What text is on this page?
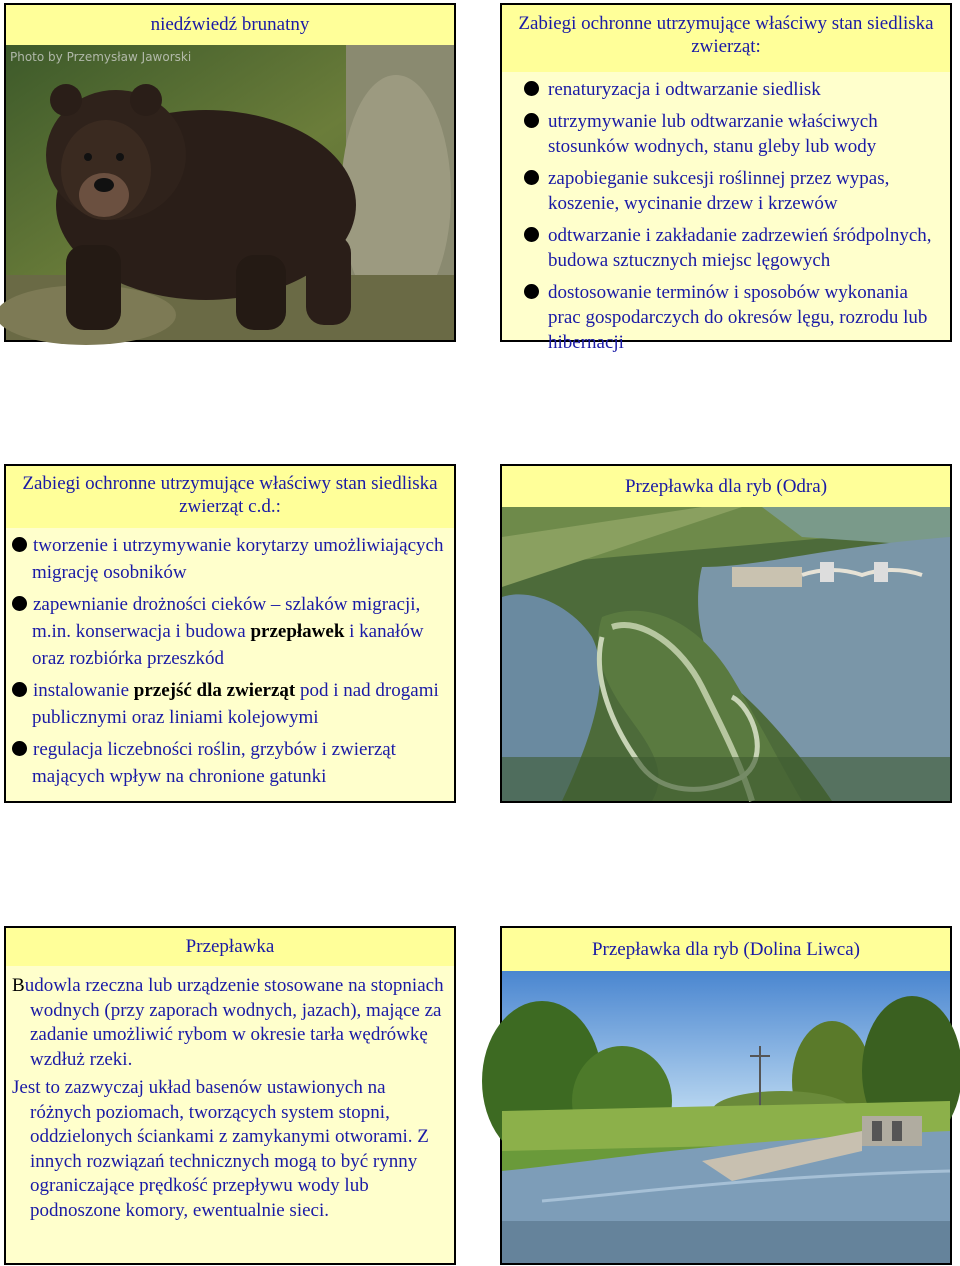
niedźwiedź brunatny
Photo by Przemysław Jaworski
Zabiegi ochronne utrzymujące właściwy stan siedliska zwierząt:
renaturyzacja i odtwarzanie siedlisk
utrzymywanie lub odtwarzanie właściwych stosunków wodnych, stanu gleby lub wody
zapobieganie sukcesji roślinnej przez wypas, koszenie, wycinanie drzew i krzewów
odtwarzanie i zakładanie zadrzewień śródpolnych, budowa sztucznych miejsc lęgowych
dostosowanie terminów i sposobów wykonania prac gospodarczych do okresów lęgu, rozrodu lub hibernacji
Zabiegi ochronne utrzymujące właściwy stan siedliska zwierząt c.d.:
tworzenie i utrzymywanie korytarzy umożliwiających migrację osobników
zapewnianie drożności cieków – szlaków migracji, m.in. konserwacja i budowa przepławek i kanałów oraz rozbiórka przeszkód
instalowanie przejść dla zwierząt pod i nad drogami publicznymi oraz liniami kolejowymi
regulacja liczebności roślin, grzybów i zwierząt mających wpływ na chronione gatunki
Przepławka dla ryb (Odra)
Przepławka

Budowla rzeczna lub urządzenie stosowane na stopniach wodnych (przy zaporach wodnych, jazach), mające za zadanie umożliwić rybom w okresie tarła wędrówkę wzdłuż rzeki.

Jest to zazwyczaj układ basenów ustawionych na różnych poziomach, tworzących system stopni, oddzielonych ściankami z zamykanymi otworami. Z innych rozwiązań technicznych mogą to być rynny ograniczające prędkość przepływu wody lub podnoszone komory, ewentualnie sieci.

Przepławka dla ryb (Dolina Liwca)
